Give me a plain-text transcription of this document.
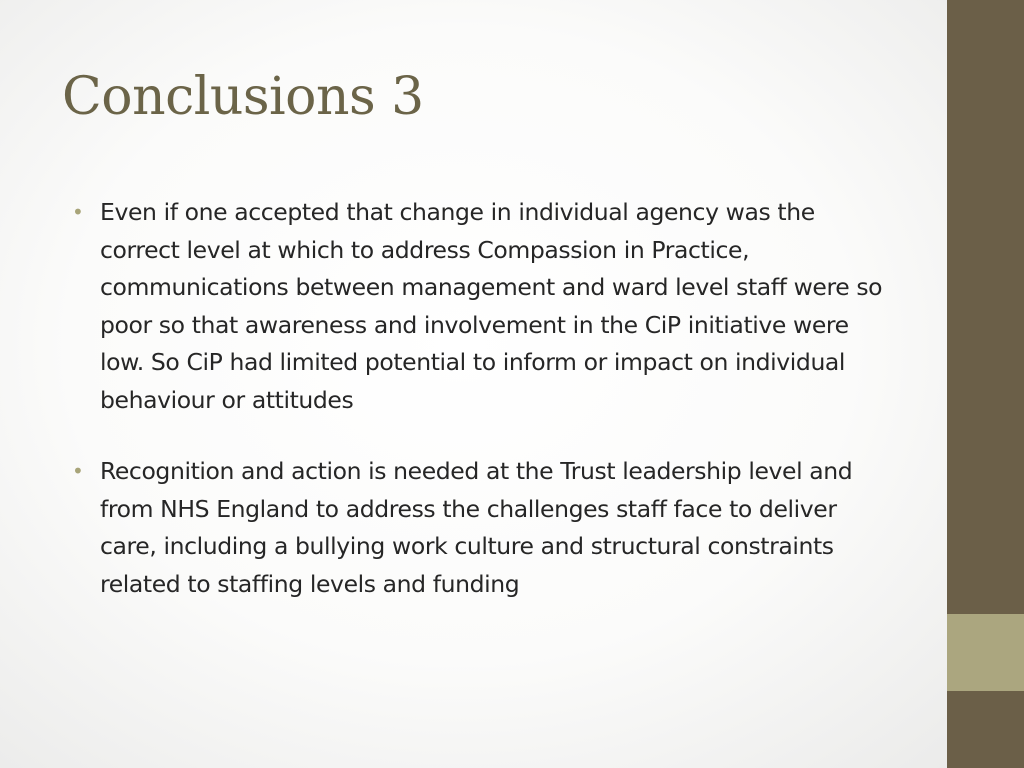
Conclusions 3
• Even if one accepted that change in individual agency was the correct level at which to address Compassion in Practice, communications between management and ward level staff were so poor so that awareness and involvement in the CiP initiative were low. So CiP had limited potential to inform or impact on individual behaviour or attitudes
• Recognition and action is needed at the Trust leadership level and from NHS England to address the challenges staff face to deliver care, including a bullying work culture and structural constraints related to staffing levels and funding
